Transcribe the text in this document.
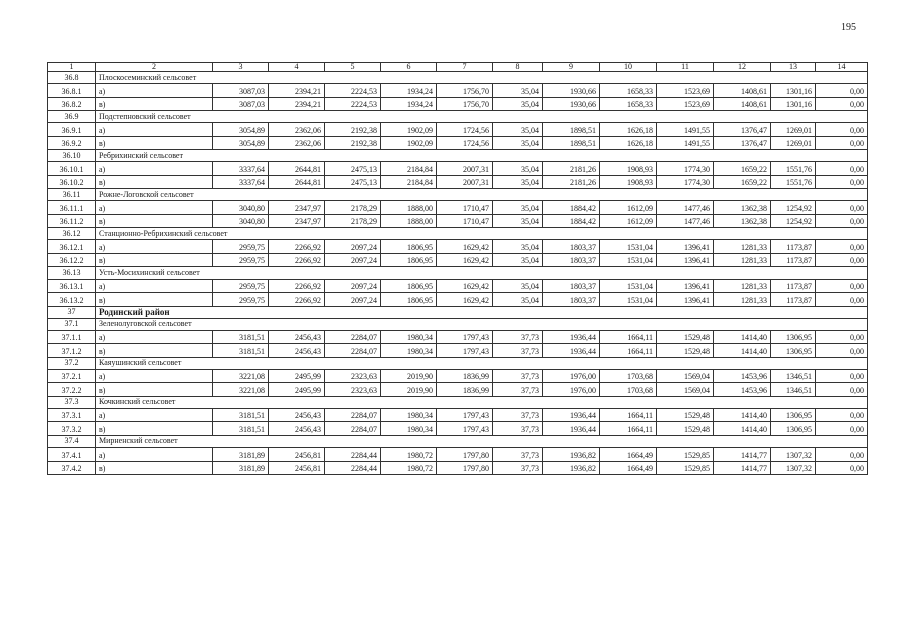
195
1	2	3	4	5	6	7	8	9	10	11	12	13	14
36.8	Плоскосеминский сельсовет												
36.8.1	а)	3087,03	2394,21	2224,53	1934,24	1756,70	35,04	1930,66	1658,33	1523,69	1408,61	1301,16	0,00
36.8.2	в)	3087,03	2394,21	2224,53	1934,24	1756,70	35,04	1930,66	1658,33	1523,69	1408,61	1301,16	0,00
36.9	Подстепновский сельсовет												
36.9.1	а)	3054,89	2362,06	2192,38	1902,09	1724,56	35,04	1898,51	1626,18	1491,55	1376,47	1269,01	0,00
36.9.2	в)	3054,89	2362,06	2192,38	1902,09	1724,56	35,04	1898,51	1626,18	1491,55	1376,47	1269,01	0,00
36.10	Ребрихинский сельсовет												
36.10.1	а)	3337,64	2644,81	2475,13	2184,84	2007,31	35,04	2181,26	1908,93	1774,30	1659,22	1551,76	0,00
36.10.2	в)	3337,64	2644,81	2475,13	2184,84	2007,31	35,04	2181,26	1908,93	1774,30	1659,22	1551,76	0,00
36.11	Рожне-Логовской сельсовет												
36.11.1	а)	3040,80	2347,97	2178,29	1888,00	1710,47	35,04	1884,42	1612,09	1477,46	1362,38	1254,92	0,00
36.11.2	в)	3040,80	2347,97	2178,29	1888,00	1710,47	35,04	1884,42	1612,09	1477,46	1362,38	1254,92	0,00
36.12	Станционно-Ребрихинский сельсовет												
36.12.1	а)	2959,75	2266,92	2097,24	1806,95	1629,42	35,04	1803,37	1531,04	1396,41	1281,33	1173,87	0,00
36.12.2	в)	2959,75	2266,92	2097,24	1806,95	1629,42	35,04	1803,37	1531,04	1396,41	1281,33	1173,87	0,00
36.13	Усть-Мосихинский сельсовет												
36.13.1	а)	2959,75	2266,92	2097,24	1806,95	1629,42	35,04	1803,37	1531,04	1396,41	1281,33	1173,87	0,00
36.13.2	в)	2959,75	2266,92	2097,24	1806,95	1629,42	35,04	1803,37	1531,04	1396,41	1281,33	1173,87	0,00
37	Родинский район												
37.1	Зеленолуговской сельсовет												
37.1.1	а)	3181,51	2456,43	2284,07	1980,34	1797,43	37,73	1936,44	1664,11	1529,48	1414,40	1306,95	0,00
37.1.2	в)	3181,51	2456,43	2284,07	1980,34	1797,43	37,73	1936,44	1664,11	1529,48	1414,40	1306,95	0,00
37.2	Каяушинский сельсовет												
37.2.1	а)	3221,08	2495,99	2323,63	2019,90	1836,99	37,73	1976,00	1703,68	1569,04	1453,96	1346,51	0,00
37.2.2	в)	3221,08	2495,99	2323,63	2019,90	1836,99	37,73	1976,00	1703,68	1569,04	1453,96	1346,51	0,00
37.3	Кочкинский сельсовет												
37.3.1	а)	3181,51	2456,43	2284,07	1980,34	1797,43	37,73	1936,44	1664,11	1529,48	1414,40	1306,95	0,00
37.3.2	в)	3181,51	2456,43	2284,07	1980,34	1797,43	37,73	1936,44	1664,11	1529,48	1414,40	1306,95	0,00
37.4	Мирненский сельсовет												
37.4.1	а)	3181,89	2456,81	2284,44	1980,72	1797,80	37,73	1936,82	1664,49	1529,85	1414,77	1307,32	0,00
37.4.2	в)	3181,89	2456,81	2284,44	1980,72	1797,80	37,73	1936,82	1664,49	1529,85	1414,77	1307,32	0,00
